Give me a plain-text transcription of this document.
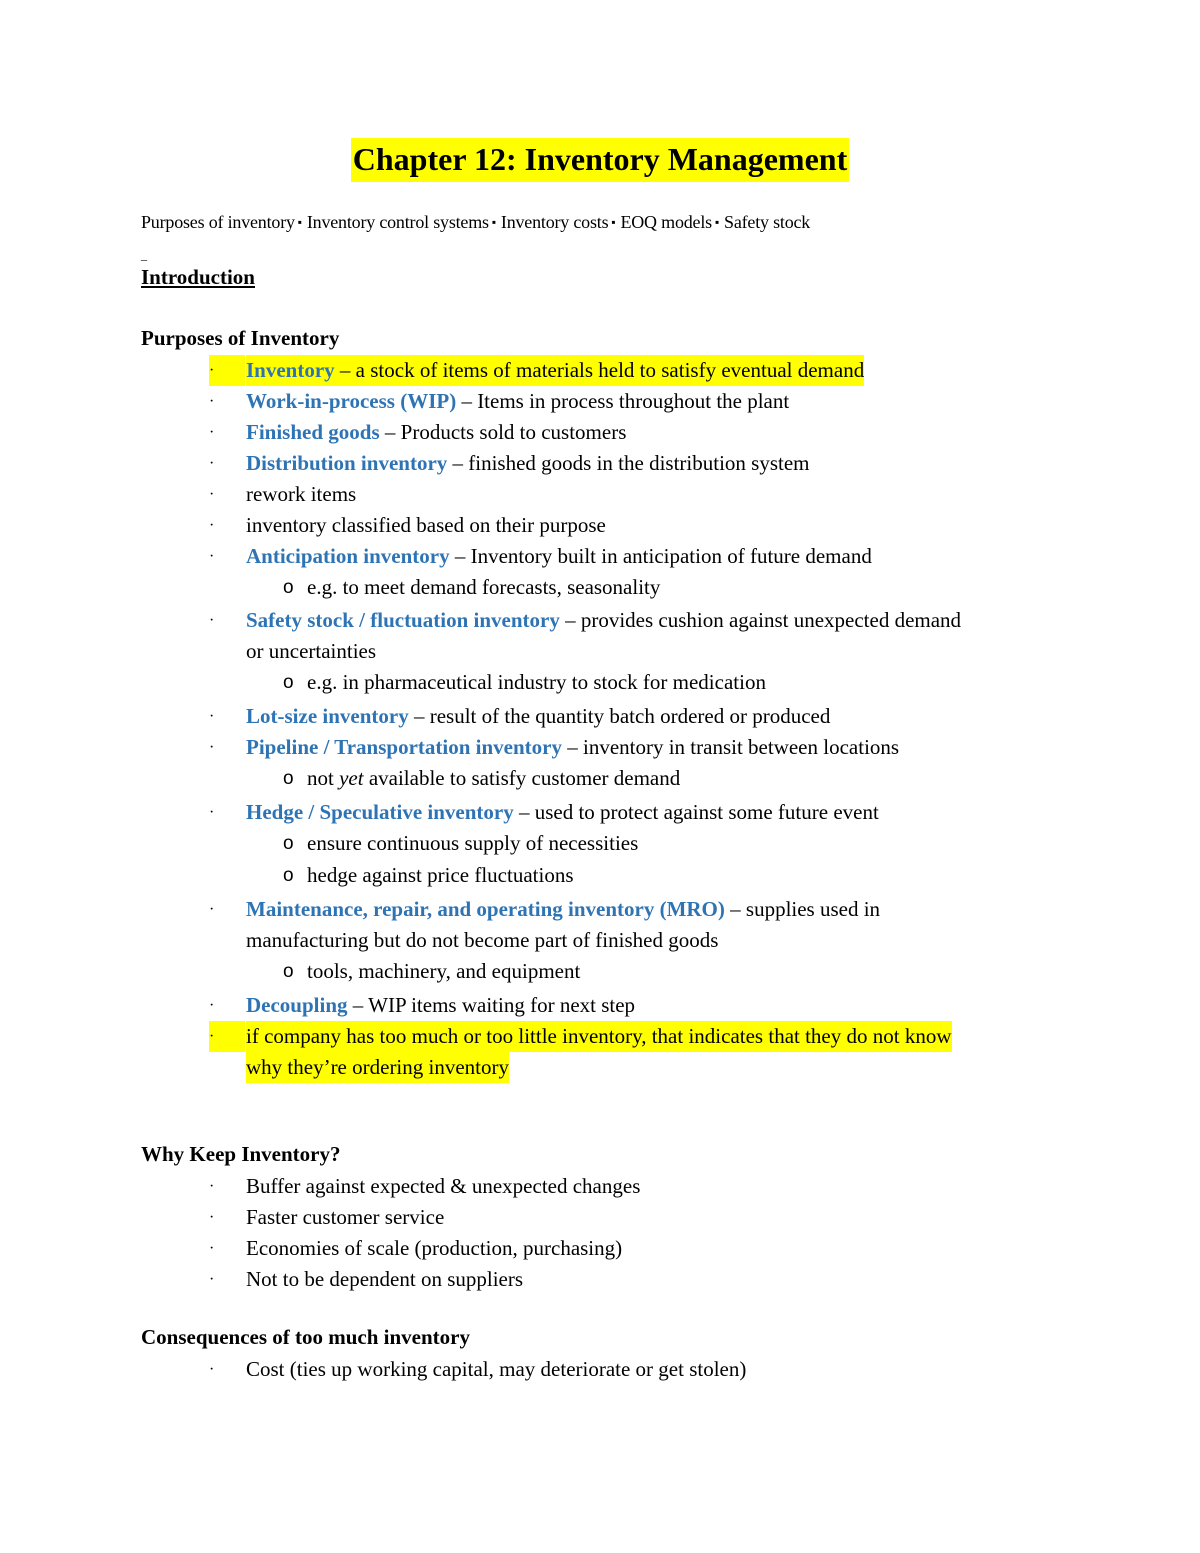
Chapter 12: Inventory Management
Purposes of inventory ▪ Inventory control systems ▪ Inventory costs ▪ EOQ models ▪ Safety stock
_
Introduction
Purposes of Inventory
·	Inventory – a stock of items of materials held to satisfy eventual demand
·	Work-in-process (WIP) – Items in process throughout the plant
·	Finished goods – Products sold to customers
·	Distribution inventory – finished goods in the distribution system
·	rework items
·	inventory classified based on their purpose
·	Anticipation inventory – Inventory built in anticipation of future demand
o e.g. to meet demand forecasts, seasonality
·	Safety stock / fluctuation inventory – provides cushion against unexpected demand
or uncertainties
o e.g. in pharmaceutical industry to stock for medication
·	Lot-size inventory – result of the quantity batch ordered or produced
·	Pipeline / Transportation inventory – inventory in transit between locations
o not yet available to satisfy customer demand
·	Hedge / Speculative inventory – used to protect against some future event
o ensure continuous supply of necessities
o hedge against price fluctuations
·	Maintenance, repair, and operating inventory (MRO) – supplies used in
manufacturing but do not become part of finished goods
o tools, machinery, and equipment
·	Decoupling – WIP items waiting for next step
·	if company has too much or too little inventory, that indicates that they do not know
why they’re ordering inventory
Why Keep Inventory?
·	Buffer against expected & unexpected changes
·	Faster customer service
·	Economies of scale (production, purchasing)
·	Not to be dependent on suppliers
Consequences of too much inventory
·	Cost (ties up working capital, may deteriorate or get stolen)
